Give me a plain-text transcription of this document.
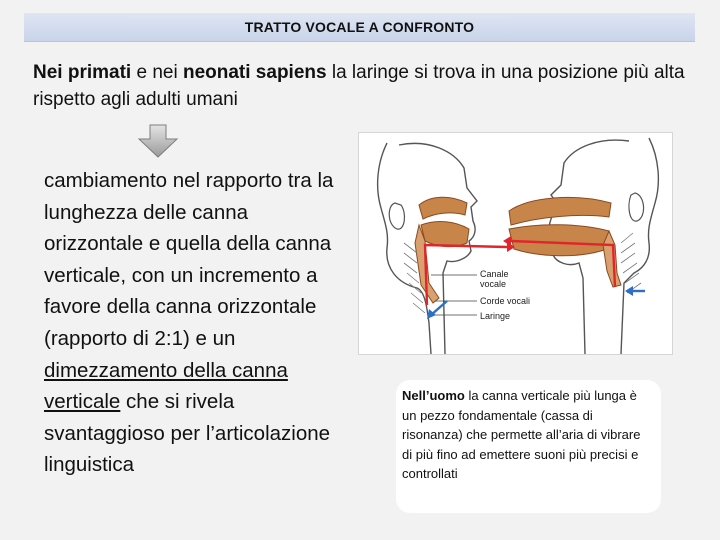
TRATTO VOCALE A CONFRONTO
Nei primati e nei neonati sapiens la laringe si trova in una posizione più alta rispetto agli adulti umani
cambiamento nel rapporto tra la lunghezza delle canna orizzontale e quella della canna verticale, con un incremento a favore della canna orizzontale (rapporto di 2:1) e un dimezzamento della canna verticale che si rivela svantaggioso per l’articolazione linguistica
Canale
vocale
Corde vocali
Laringe
Nell’uomo la canna verticale più lunga è un pezzo fondamentale (cassa di risonanza) che permette all’aria di vibrare di più fino ad emettere suoni più precisi e controllati
